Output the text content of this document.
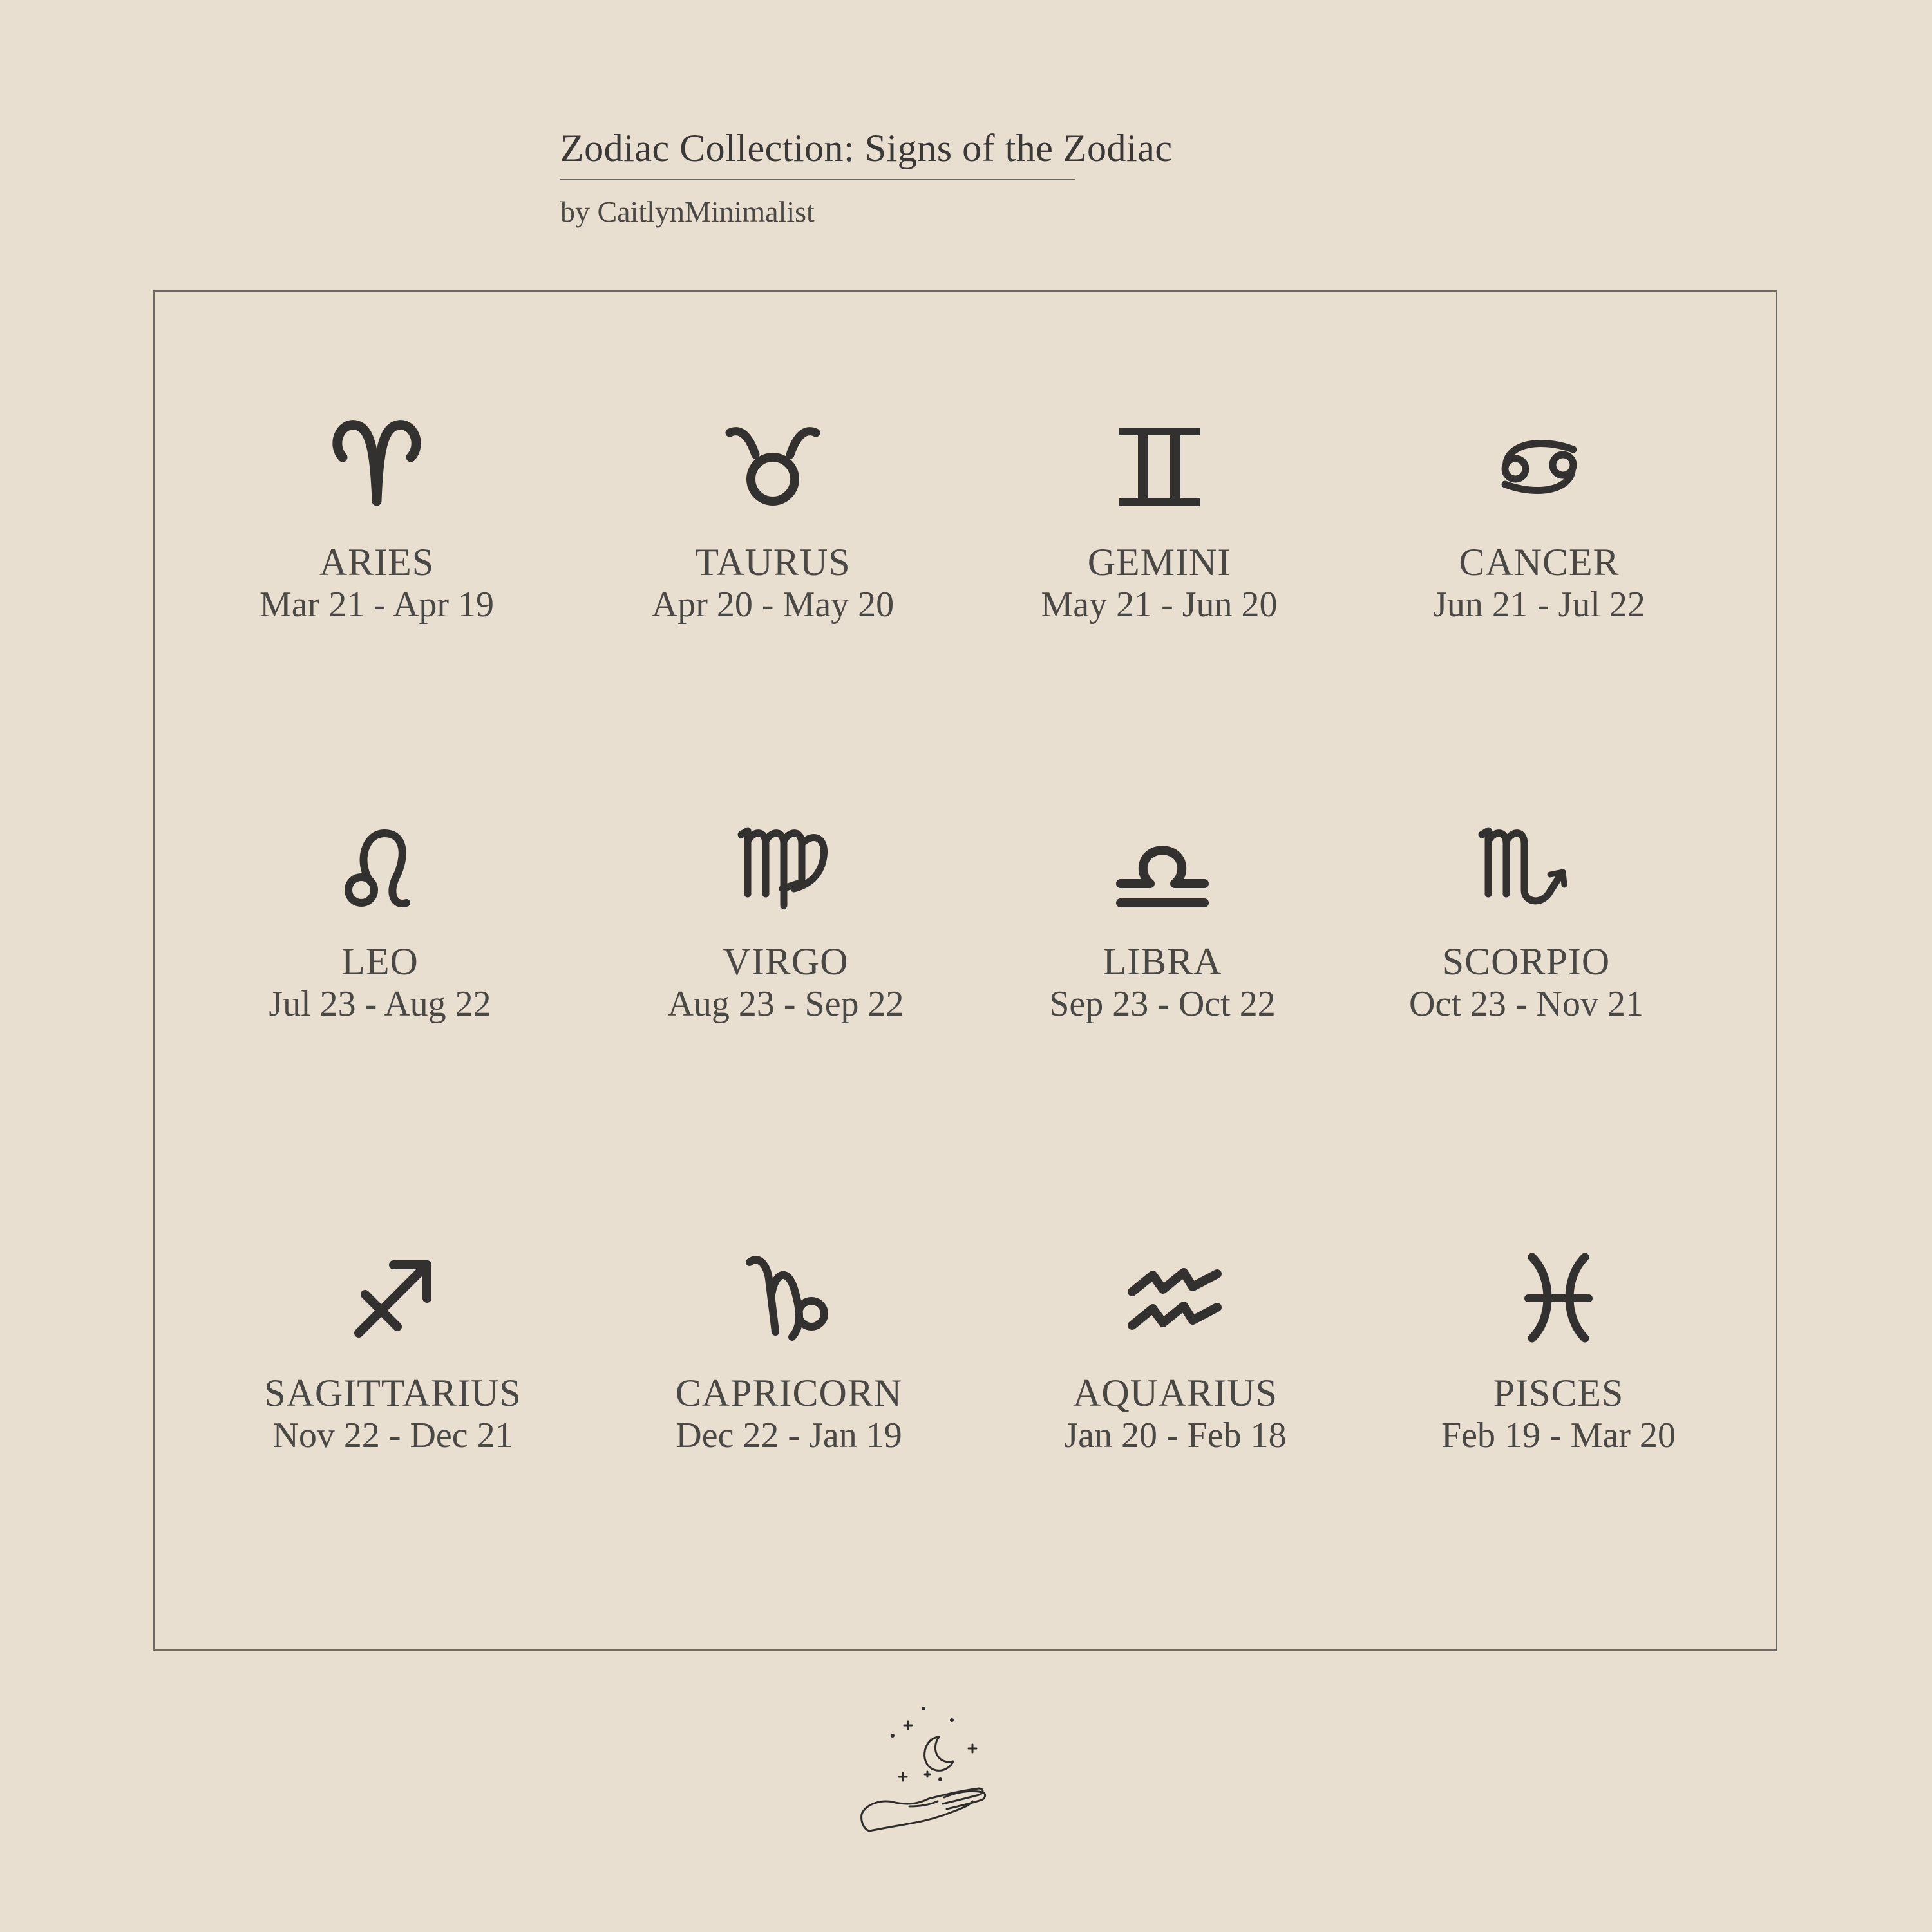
Zodiac Collection: Signs of the Zodiac
by CaitlynMinimalist
ARIES
Mar 21 - Apr 19
TAURUS
Apr 20 - May 20
GEMINI
May 21 - Jun 20
CANCER
Jun 21 - Jul 22
LEO
Jul 23 - Aug 22
VIRGO
Aug 23 - Sep 22
LIBRA
Sep 23 - Oct 22
SCORPIO
Oct 23 - Nov 21
SAGITTARIUS
Nov 22 - Dec 21
CAPRICORN
Dec 22 - Jan 19
AQUARIUS
Jan 20 - Feb 18
PISCES
Feb 19 - Mar 20
